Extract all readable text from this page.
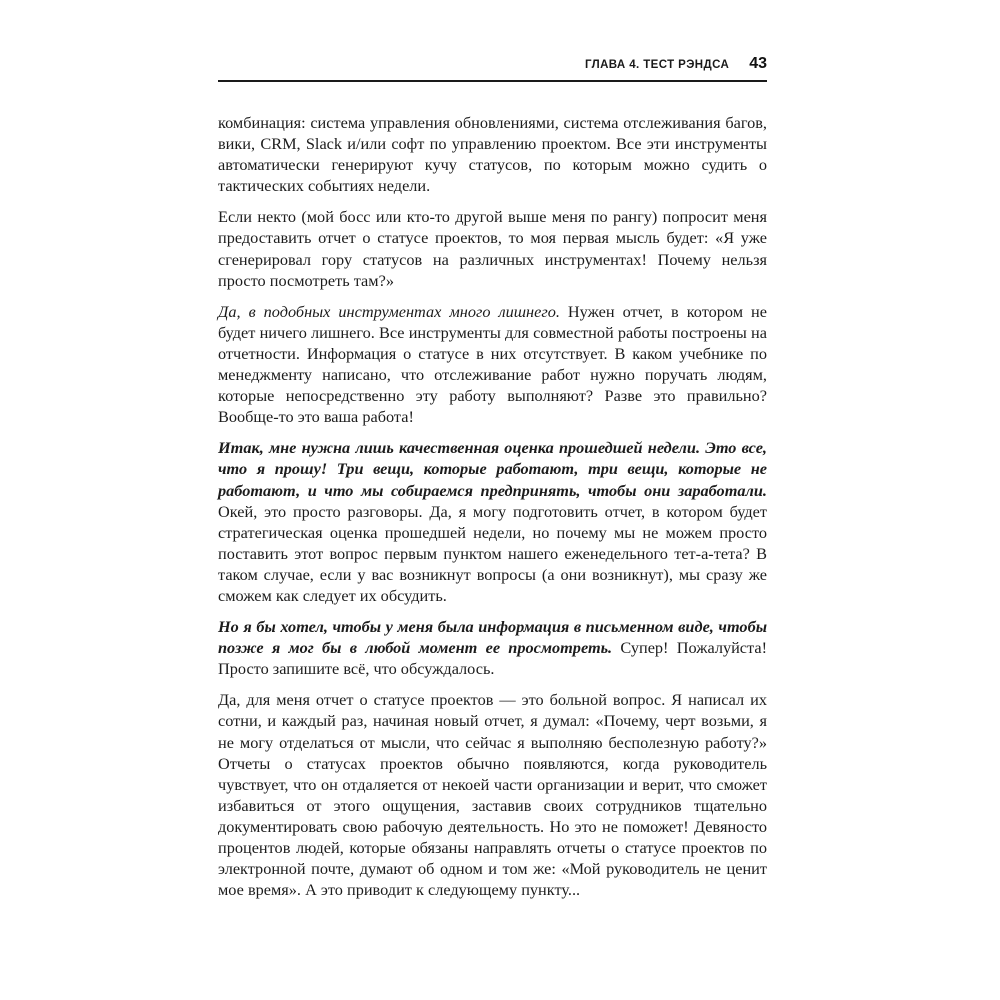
ГЛАВА 4. ТЕСТ РЭНДСА 43

комбинация: система управления обновлениями, система отслеживания багов, вики, CRM, Slack и/или софт по управлению проектом. Все эти инструменты автоматически генерируют кучу статусов, по которым можно судить о тактических событиях недели.

Если некто (мой босс или кто-то другой выше меня по рангу) попросит меня предоставить отчет о статусе проектов, то моя первая мысль будет: «Я уже сгенерировал гору статусов на различных инструментах! Почему нельзя просто посмотреть там?»

Да, в подобных инструментах много лишнего. Нужен отчет, в котором не будет ничего лишнего. Все инструменты для совместной работы построены на отчетности. Информация о статусе в них отсутствует. В каком учебнике по менеджменту написано, что отслеживание работ нужно поручать людям, которые непосредственно эту работу выполняют? Разве это правильно? Вообще-то это ваша работа!

Итак, мне нужна лишь качественная оценка прошедшей недели. Это все, что я прошу! Три вещи, которые работают, три вещи, которые не работают, и что мы собираемся предпринять, чтобы они заработали. Окей, это просто разговоры. Да, я могу подготовить отчет, в котором будет стратегическая оценка прошедшей недели, но почему мы не можем просто поставить этот вопрос первым пунктом нашего еженедельного тет-а-тета? В таком случае, если у вас возникнут вопросы (а они возникнут), мы сразу же сможем как следует их обсудить.

Но я бы хотел, чтобы у меня была информация в письменном виде, чтобы позже я мог бы в любой момент ее просмотреть. Супер! Пожалуйста! Просто запишите всё, что обсуждалось.

Да, для меня отчет о статусе проектов — это больной вопрос. Я написал их сотни, и каждый раз, начиная новый отчет, я думал: «Почему, черт возьми, я не могу отделаться от мысли, что сейчас я выполняю бесполезную работу?» Отчеты о статусах проектов обычно появляются, когда руководитель чувствует, что он отдаляется от некоей части организации и верит, что сможет избавиться от этого ощущения, заставив своих сотрудников тщательно документировать свою рабочую деятельность. Но это не поможет! Девяносто процентов людей, которые обязаны направлять отчеты о статусе проектов по электронной почте, думают об одном и том же: «Мой руководитель не ценит мое время». А это приводит к следующему пункту...
